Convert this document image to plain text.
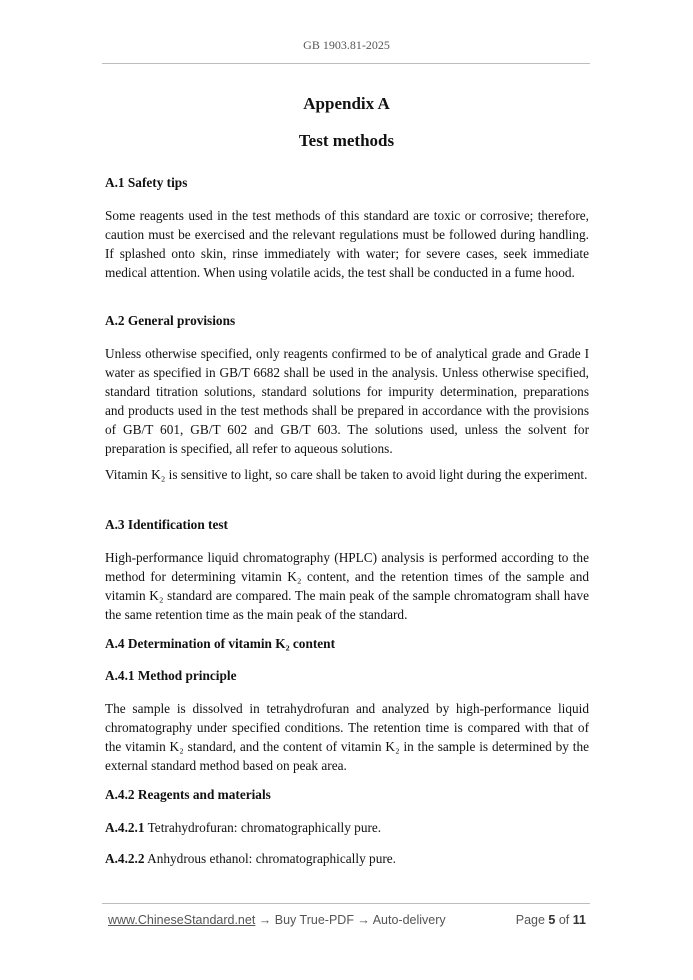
GB 1903.81-2025
Appendix A
Test methods
A.1 Safety tips

Some reagents used in the test methods of this standard are toxic or corrosive; therefore, caution must be exercised and the relevant regulations must be followed during handling. If splashed onto skin, rinse immediately with water; for severe cases, seek immediate medical attention. When using volatile acids, the test shall be conducted in a fume hood.

A.2 General provisions

Unless otherwise specified, only reagents confirmed to be of analytical grade and Grade I water as specified in GB/T 6682 shall be used in the analysis. Unless otherwise specified, standard titration solutions, standard solutions for impurity determination, preparations and products used in the test methods shall be prepared in accordance with the provisions of GB/T 601, GB/T 602 and GB/T 603. The solutions used, unless the solvent for preparation is specified, all refer to aqueous solutions.

Vitamin K₂ is sensitive to light, so care shall be taken to avoid light during the experiment.

A.3 Identification test

High-performance liquid chromatography (HPLC) analysis is performed according to the method for determining vitamin K₂ content, and the retention times of the sample and vitamin K₂ standard are compared. The main peak of the sample chromatogram shall have the same retention time as the main peak of the standard.

A.4 Determination of vitamin K₂ content
A.4.1 Method principle

The sample is dissolved in tetrahydrofuran and analyzed by high-performance liquid chromatography under specified conditions. The retention time is compared with that of the vitamin K₂ standard, and the content of vitamin K₂ in the sample is determined by the external standard method based on peak area.

A.4.2 Reagents and materials

A.4.2.1 Tetrahydrofuran: chromatographically pure.

A.4.2.2 Anhydrous ethanol: chromatographically pure.

www.ChineseStandard.net → Buy True-PDF → Auto-delivery	Page 5 of 11
